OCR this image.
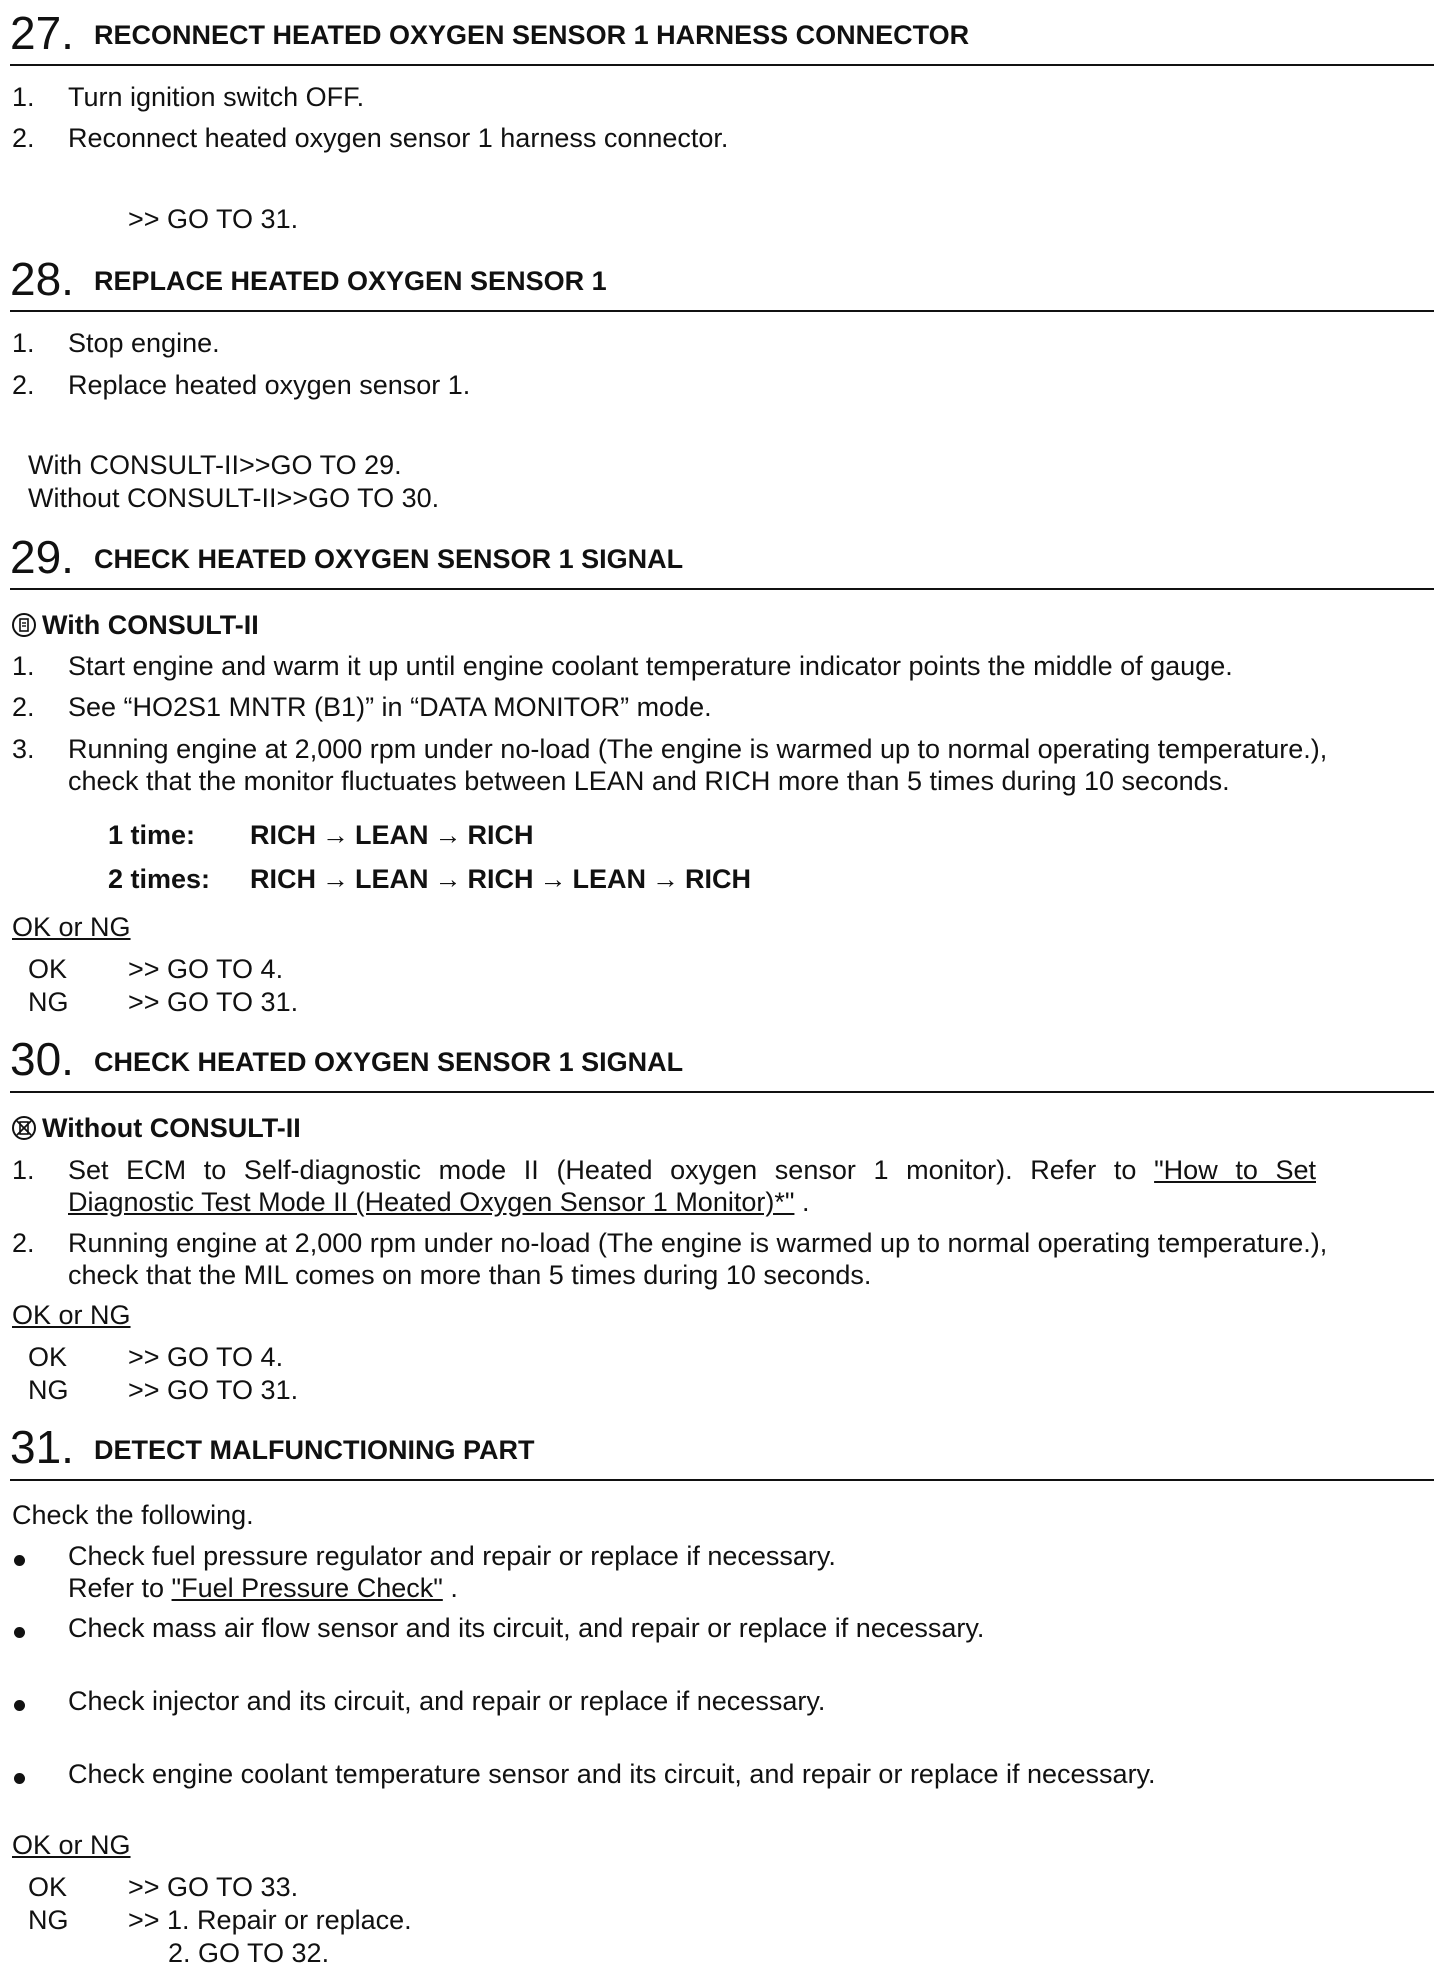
27. RECONNECT HEATED OXYGEN SENSOR 1 HARNESS CONNECTOR
1. Turn ignition switch OFF.
2. Reconnect heated oxygen sensor 1 harness connector.
>> GO TO 31.
28. REPLACE HEATED OXYGEN SENSOR 1
1. Stop engine.
2. Replace heated oxygen sensor 1.
With CONSULT-II>>GO TO 29.
Without CONSULT-II>>GO TO 30.
29. CHECK HEATED OXYGEN SENSOR 1 SIGNAL
With CONSULT-II
1. Start engine and warm it up until engine coolant temperature indicator points the middle of gauge.
2. See “HO2S1 MNTR (B1)” in “DATA MONITOR” mode.
3. Running engine at 2,000 rpm under no-load (The engine is warmed up to normal operating temperature.),
check that the monitor fluctuates between LEAN and RICH more than 5 times during 10 seconds.
1 time: RICH → LEAN → RICH
2 times: RICH → LEAN → RICH → LEAN → RICH
OK or NG
OK >> GO TO 4.
NG >> GO TO 31.
30. CHECK HEATED OXYGEN SENSOR 1 SIGNAL
Without CONSULT-II
1. Set ECM to Self-diagnostic mode II (Heated oxygen sensor 1 monitor). Refer to "How to Set
Diagnostic Test Mode II (Heated Oxygen Sensor 1 Monitor)*" .
2. Running engine at 2,000 rpm under no-load (The engine is warmed up to normal operating temperature.),
check that the MIL comes on more than 5 times during 10 seconds.
OK or NG
OK >> GO TO 4.
NG >> GO TO 31.
31. DETECT MALFUNCTIONING PART
Check the following.
Check fuel pressure regulator and repair or replace if necessary.
Refer to "Fuel Pressure Check" .
Check mass air flow sensor and its circuit, and repair or replace if necessary.
Check injector and its circuit, and repair or replace if necessary.
Check engine coolant temperature sensor and its circuit, and repair or replace if necessary.
OK or NG
OK >> GO TO 33.
NG >> 1. Repair or replace.
2. GO TO 32.
